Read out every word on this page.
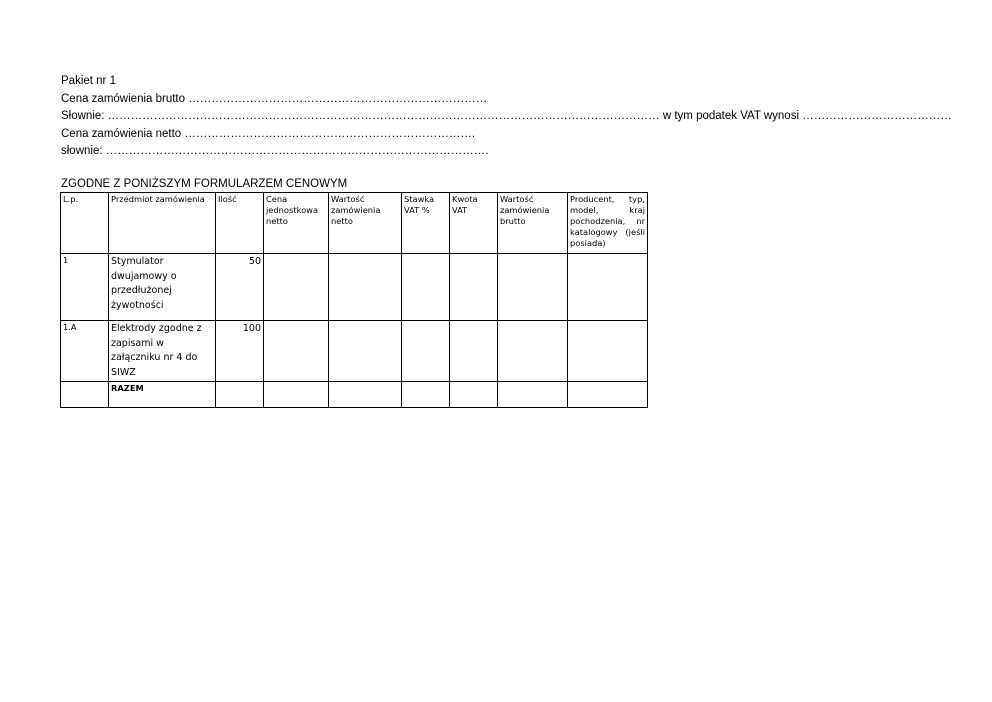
Pakiet nr 1
Cena zamówienia brutto ……………………………………………………………………
Słownie: ……………………………………………………………………………………………………………………………… w tym podatek VAT wynosi …………………………………
Cena zamówienia netto ………………………………………………………………….
słownie: ……………………………………………………………………………………….
ZGODNE Z PONIŻSZYM FORMULARZEM CENOWYM
L.p.	Przedmiot zamówienia	Ilość	Cena jednostkowa netto	Wartość zamówienia netto	Stawka VAT %	Kwota VAT	Wartość zamówienia brutto	Producent, typ, model, kraj pochodzenia, nr katalogowy (jeśli posiada)
1	Stymulator dwujamowy o przedłużonej żywotności	50						
1.A	Elektrody zgodne z zapisami w załączniku nr 4 do SIWZ	100						
	RAZEM							
